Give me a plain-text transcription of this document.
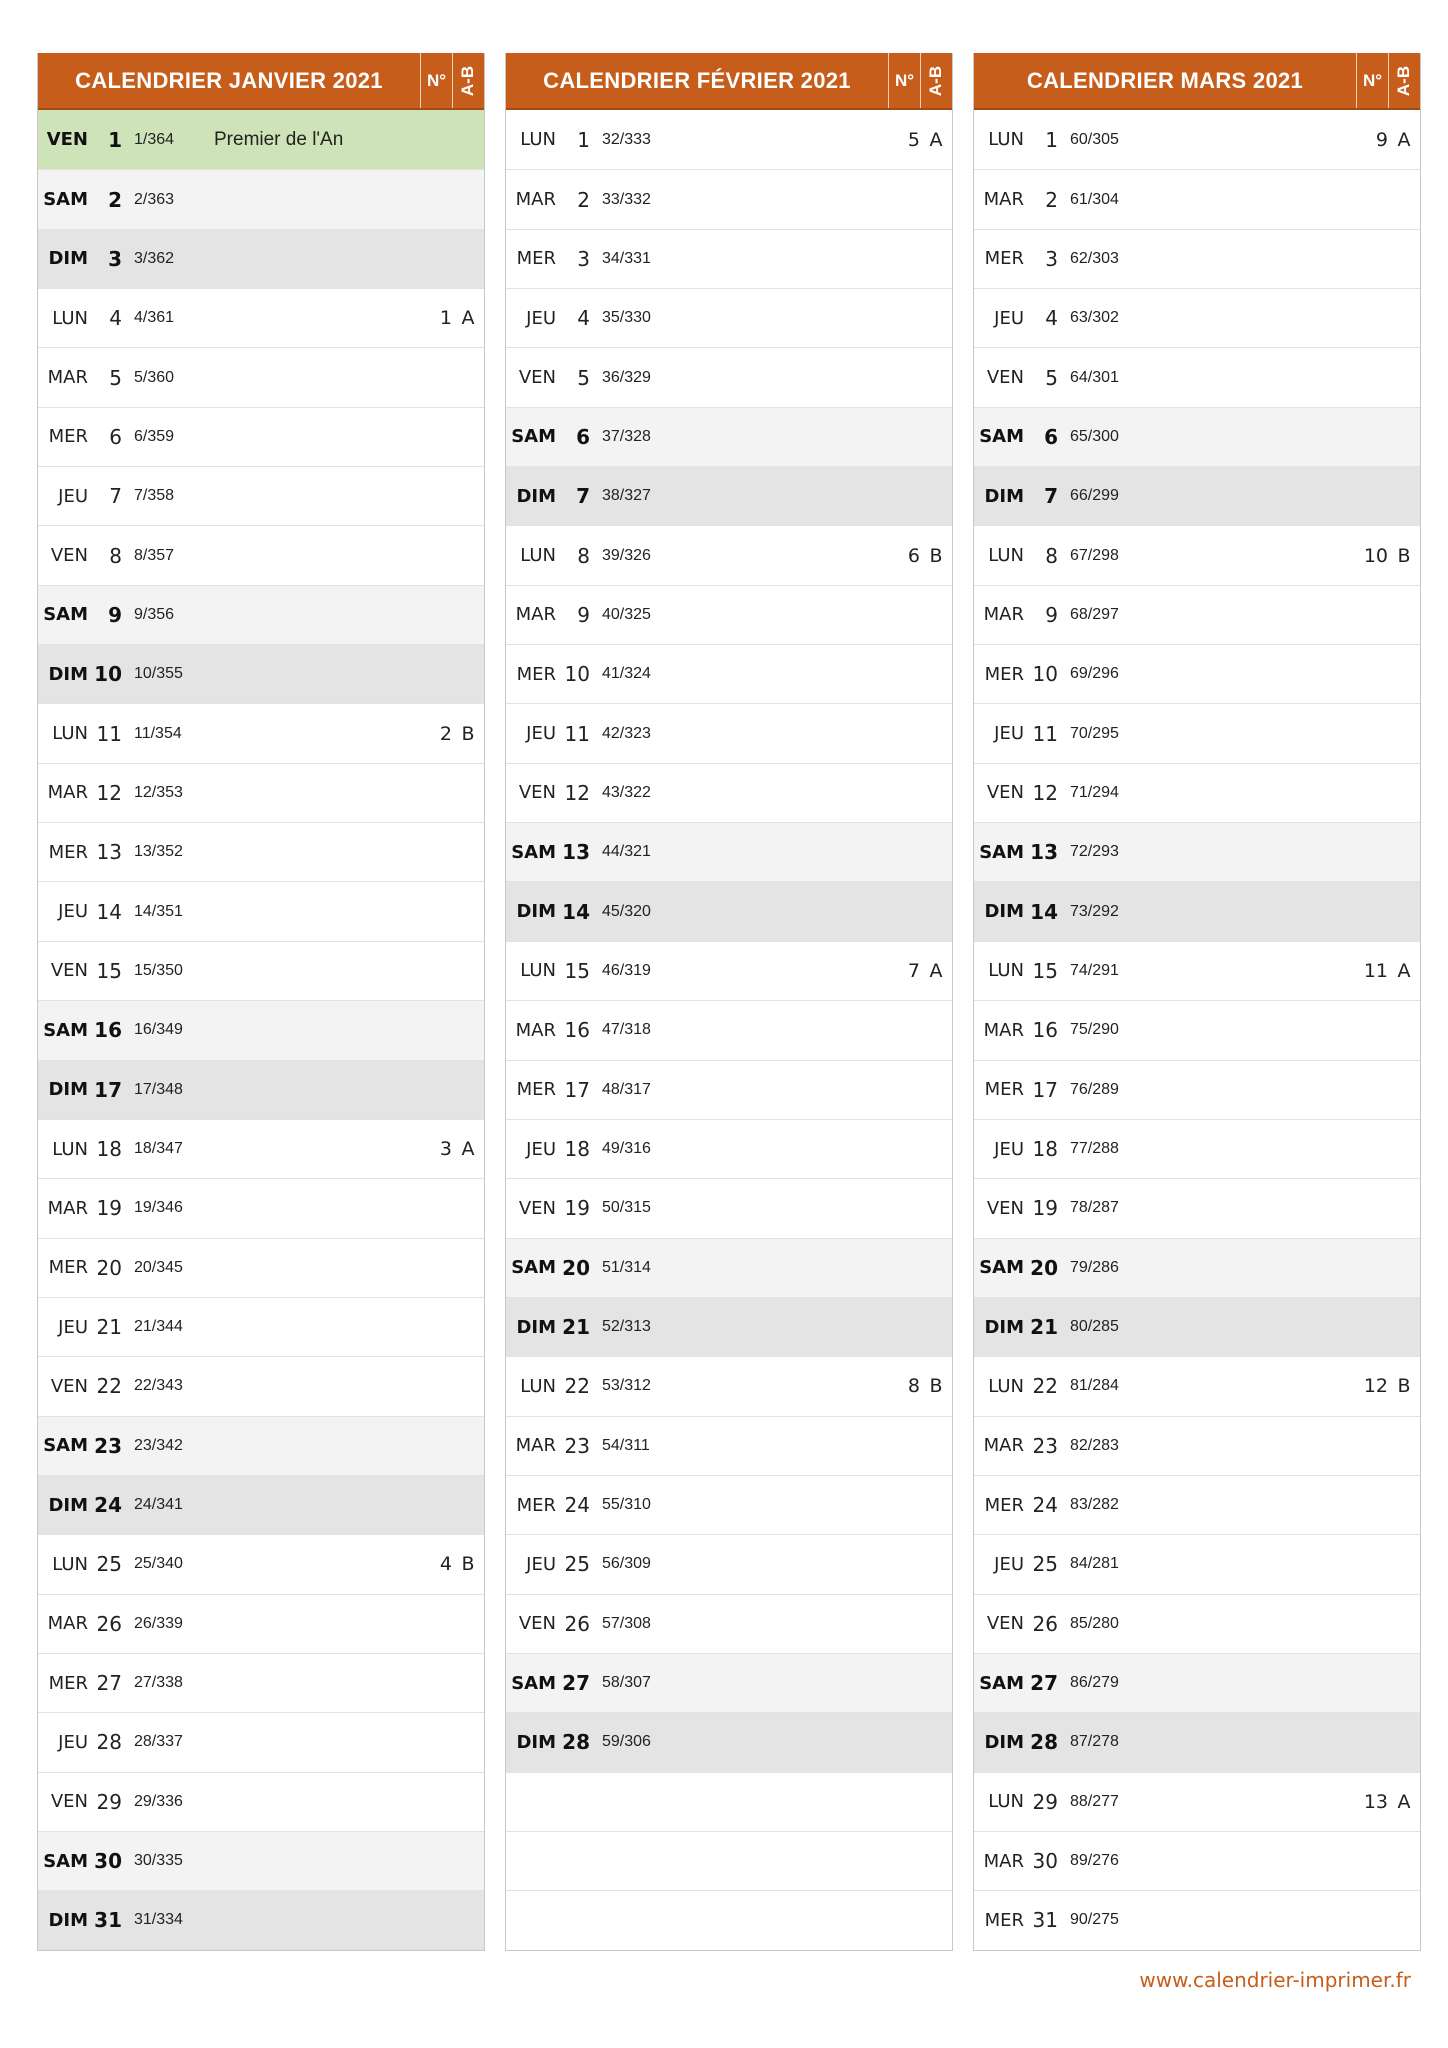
CALENDRIER JANVIER 2021	N° A-B
VEN	1 1/364	Premier de l'An
SAM	2 2/363
DIM	3 3/362
LUN	4 4/361	1 A
MAR	5 5/360
MER	6 6/359
JEU	7 7/358
VEN	8 8/357
SAM	9 9/356
DIM 10 10/355
LUN 11 11/354	2 B
MAR 12 12/353
MER 13 13/352
JEU 14 14/351
VEN 15 15/350
SAM 16 16/349
DIM 17 17/348
LUN 18 18/347	3 A
MAR 19 19/346
MER 20 20/345
JEU 21 21/344
VEN 22 22/343
SAM 23 23/342
DIM 24 24/341
LUN 25 25/340	4 B
MAR 26 26/339
MER 27 27/338
JEU 28 28/337
VEN 29 29/336
SAM 30 30/335
DIM 31 31/334
CALENDRIER FÉVRIER 2021	N° A-B
LUN	1 32/333	5 A
MAR	2 33/332
MER	3 34/331
JEU	4 35/330
VEN	5 36/329
SAM	6 37/328
DIM	7 38/327
LUN	8 39/326	6 B
MAR	9 40/325
MER 10 41/324
JEU 11 42/323
VEN 12 43/322
SAM 13 44/321
DIM 14 45/320
LUN 15 46/319	7 A
MAR 16 47/318
MER 17 48/317
JEU 18 49/316
VEN 19 50/315
SAM 20 51/314
DIM 21 52/313
LUN 22 53/312	8 B
MAR 23 54/311
MER 24 55/310
JEU 25 56/309
VEN 26 57/308
SAM 27 58/307
DIM 28 59/306
CALENDRIER MARS 2021	N° A-B
LUN	1 60/305	9 A
MAR	2 61/304
MER	3 62/303
JEU	4 63/302
VEN	5 64/301
SAM	6 65/300
DIM	7 66/299
LUN	8 67/298	10 B
MAR	9 68/297
MER 10 69/296
JEU 11 70/295
VEN 12 71/294
SAM 13 72/293
DIM 14 73/292
LUN 15 74/291	11 A
MAR 16 75/290
MER 17 76/289
JEU 18 77/288
VEN 19 78/287
SAM 20 79/286
DIM 21 80/285
LUN 22 81/284	12 B
MAR 23 82/283
MER 24 83/282
JEU 25 84/281
VEN 26 85/280
SAM 27 86/279
DIM 28 87/278
LUN 29 88/277	13 A
MAR 30 89/276
MER 31 90/275
www.calendrier-imprimer.fr
